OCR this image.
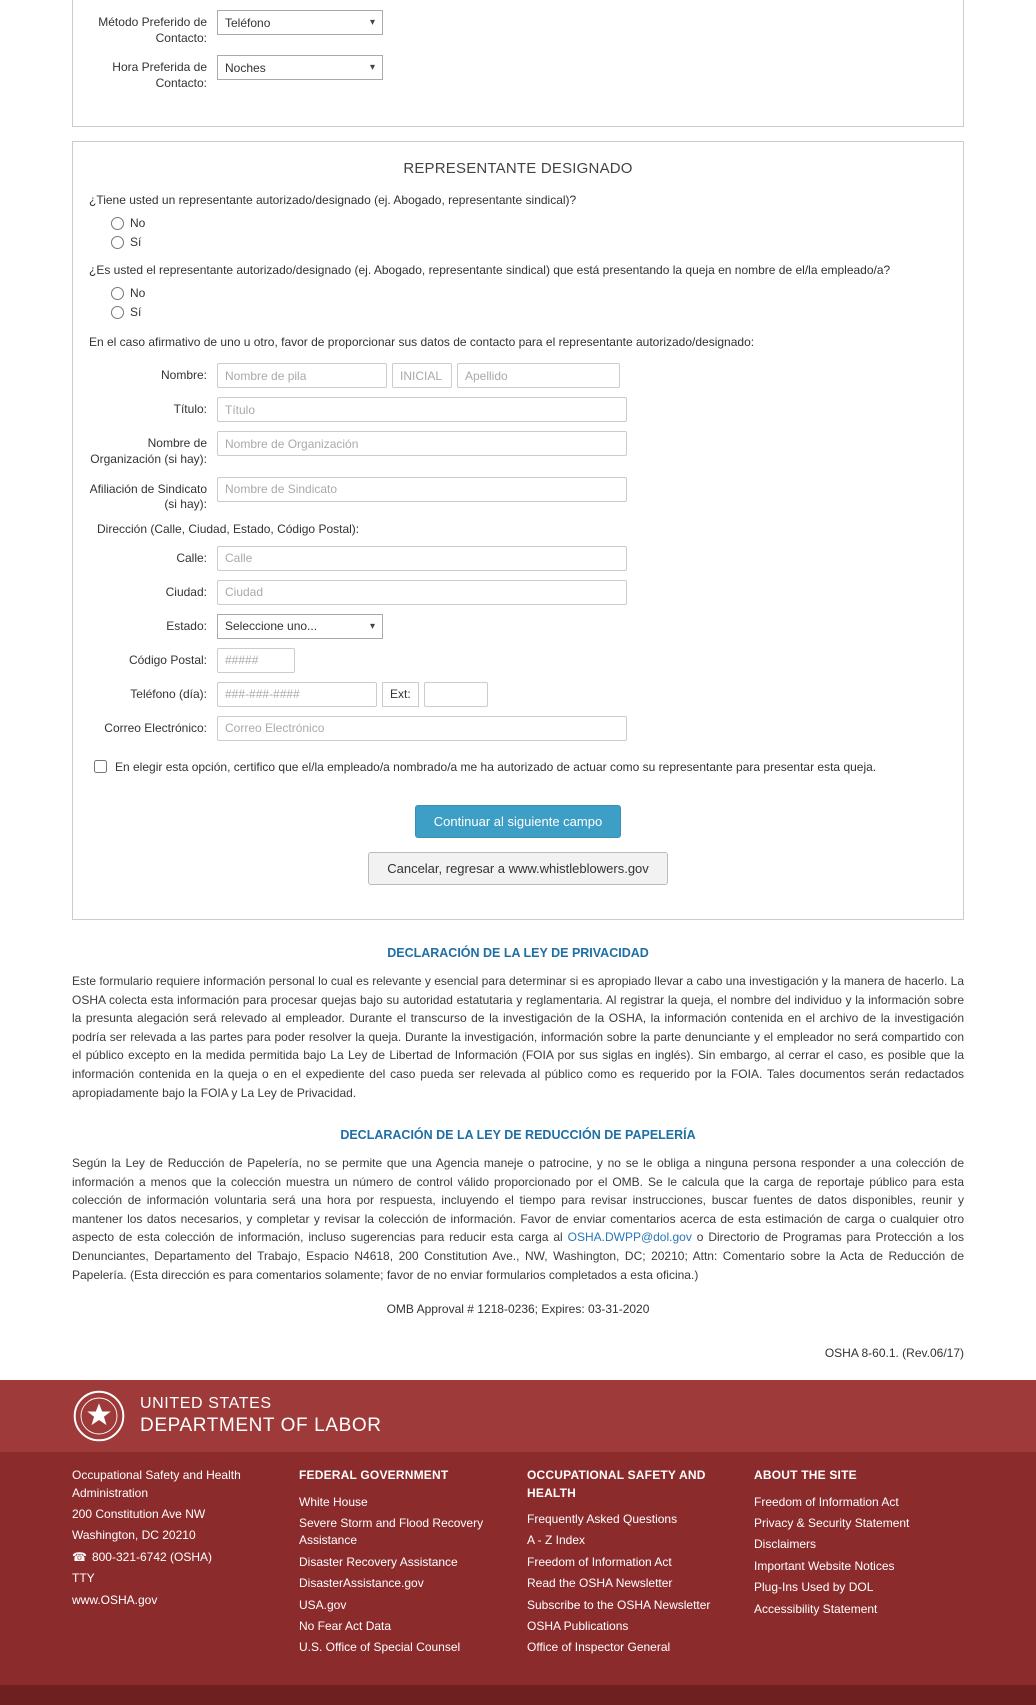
Método Preferido de Contacto:
Teléfono
▾
Hora Preferida de Contacto:
Noches
▾
REPRESENTANTE DESIGNADO

¿Tiene usted un representante autorizado/designado (ej. Abogado, representante sindical)?

No
Sí

¿Es usted el representante autorizado/designado (ej. Abogado, representante sindical) que está presentando la queja en nombre de el/la empleado/a?

No
Sí

En el caso afirmativo de uno u otro, favor de proporcionar sus datos de contacto para el representante autorizado/designado:

Nombre:
Nombre de pila
INICIAL
Apellido
Título:
Título
Nombre de Organización (si hay):
Nombre de Organización
Afiliación de Sindicato (si hay):
Nombre de Sindicato

Dirección (Calle, Ciudad, Estado, Código Postal):

Calle:
Calle
Ciudad:
Ciudad
Estado:	Seleccione uno...
▾
Código Postal:
#####
Teléfono (día):
###-###-####	Ext:
Correo Electrónico:
Correo Electrónico
En elegir esta opción, certifico que el/la empleado/a nombrado/a me ha autorizado de actuar como su representante para presentar esta queja.
Continuar al siguiente campo
Cancelar, regresar a www.whistleblowers.gov
DECLARACIÓN DE LA LEY DE PRIVACIDAD

Este formulario requiere información personal lo cual es relevante y esencial para determinar si es apropiado llevar a cabo una investigación y la manera de hacerlo. La OSHA colecta esta información para procesar quejas bajo su autoridad estatutaria y reglamentaria. Al registrar la queja, el nombre del individuo y la información sobre la presunta alegación será relevado al empleador. Durante el transcurso de la investigación de la OSHA, la información contenida en el archivo de la investigación podría ser relevada a las partes para poder resolver la queja. Durante la investigación, información sobre la parte denunciante y el empleador no será compartido con el público excepto en la medida permitida bajo La Ley de Libertad de Información (FOIA por sus siglas en inglés). Sin embargo, al cerrar el caso, es posible que la información contenida en la queja o en el expediente del caso pueda ser relevada al público como es requerido por la FOIA. Tales documentos serán redactados apropiadamente bajo la FOIA y La Ley de Privacidad.

DECLARACIÓN DE LA LEY DE REDUCCIÓN DE PAPELERÍA

Según la Ley de Reducción de Papelería, no se permite que una Agencia maneje o patrocine, y no se le obliga a ninguna persona responder a una colección de información a menos que la colección muestra un número de control válido proporcionado por el OMB. Se le calcula que la carga de reportaje público para esta colección de información voluntaria será una hora por respuesta, incluyendo el tiempo para revisar instrucciones, buscar fuentes de datos disponibles, reunir y mantener los datos necesarios, y completar y revisar la colección de información. Favor de enviar comentarios acerca de esta estimación de carga o cualquier otro aspecto de esta colección de información, incluso sugerencias para reducir esta carga al OSHA.DWPP@dol.gov o Directorio de Programas para Protección a los Denunciantes, Departamento del Trabajo, Espacio N4618, 200 Constitution Ave., NW, Washington, DC; 20210; Attn: Comentario sobre la Acta de Reducción de Papelería. (Esta dirección es para comentarios solamente; favor de no enviar formularios completados a esta oficina.)

OMB Approval # 1218-0236; Expires: 03-31-2020

OSHA 8-60.1. (Rev.06/17)

UNITED STATES
DEPARTMENT OF LABOR
Occupational Safety and Health Administration
200 Constitution Ave NW
Washington, DC 20210
☎ 800-321-6742 (OSHA)
TTY
www.OSHA.gov
FEDERAL GOVERNMENT
White House
Severe Storm and Flood Recovery Assistance
Disaster Recovery Assistance
DisasterAssistance.gov
USA.gov
No Fear Act Data
U.S. Office of Special Counsel
OCCUPATIONAL SAFETY AND HEALTH
Frequently Asked Questions
A - Z Index
Freedom of Information Act
Read the OSHA Newsletter
Subscribe to the OSHA Newsletter
OSHA Publications
Office of Inspector General
ABOUT THE SITE
Freedom of Information Act
Privacy & Security Statement
Disclaimers
Important Website Notices
Plug-Ins Used by DOL
Accessibility Statement
